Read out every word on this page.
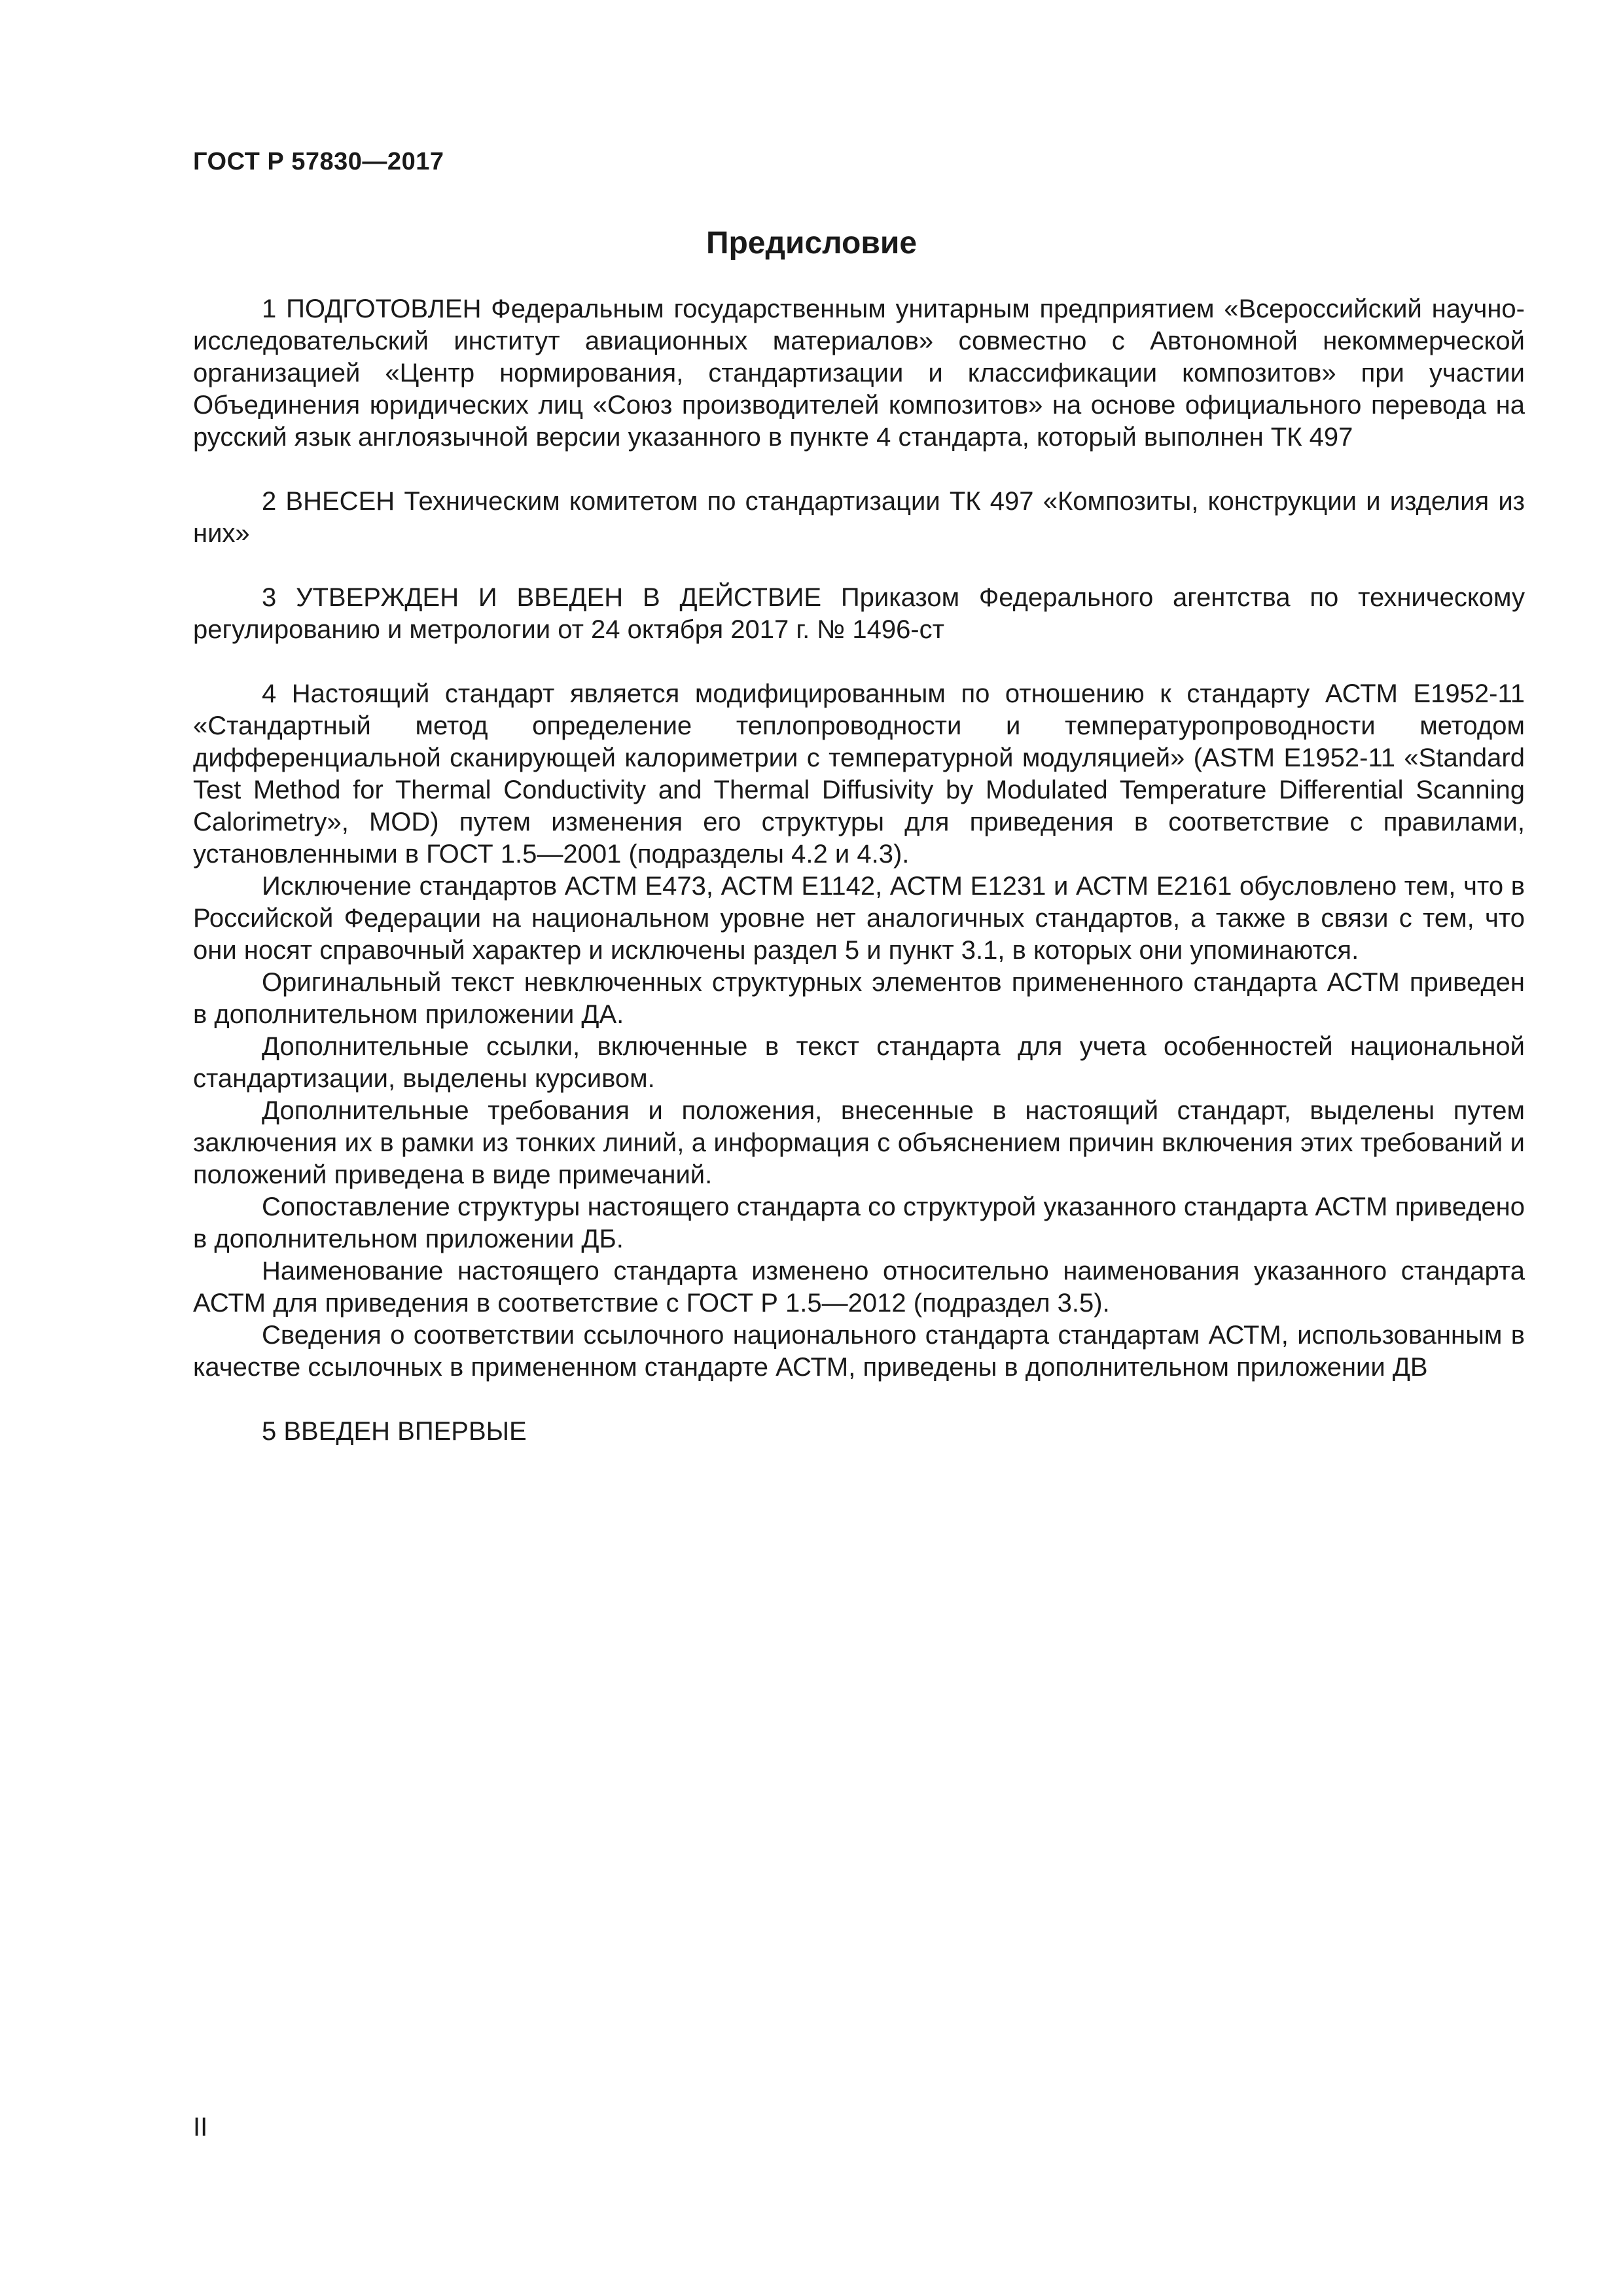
ГОСТ Р 57830—2017
Предисловие

1 ПОДГОТОВЛЕН Федеральным государственным унитарным предприятием «Всероссийский научно-исследовательский институт авиационных материалов» совместно с Автономной некоммерческой организацией «Центр нормирования, стандартизации и классификации композитов» при участии Объединения юридических лиц «Союз производителей композитов» на основе официального перевода на русский язык англоязычной версии указанного в пункте 4 стандарта, который выполнен ТК 497

2 ВНЕСЕН Техническим комитетом по стандартизации ТК 497 «Композиты, конструкции и изделия из них»

3 УТВЕРЖДЕН И ВВЕДЕН В ДЕЙСТВИЕ Приказом Федерального агентства по техническому регулированию и метрологии от 24 октября 2017 г. № 1496-ст

4 Настоящий стандарт является модифицированным по отношению к стандарту АСТМ Е1952-11 «Стандартный метод определение теплопроводности и температуропроводности методом дифференциальной сканирующей калориметрии с температурной модуляцией» (ASTM E1952-11 «Standard Test Method for Thermal Conductivity and Thermal Diffusivity by Modulated Temperature Differential Scanning Calorimetry», MOD) путем изменения его структуры для приведения в соответствие с правилами, установленными в ГОСТ 1.5—2001 (подразделы 4.2 и 4.3).

Исключение стандартов АСТМ Е473, АСТМ Е1142, АСТМ Е1231 и АСТМ Е2161 обусловлено тем, что в Российской Федерации на национальном уровне нет аналогичных стандартов, а также в связи с тем, что они носят справочный характер и исключены раздел 5 и пункт 3.1, в которых они упоминаются.

Оригинальный текст невключенных структурных элементов примененного стандарта АСТМ приведен в дополнительном приложении ДА.

Дополнительные ссылки, включенные в текст стандарта для учета особенностей национальной стандартизации, выделены курсивом.

Дополнительные требования и положения, внесенные в настоящий стандарт, выделены путем заключения их в рамки из тонких линий, а информация с объяснением причин включения этих требований и положений приведена в виде примечаний.

Сопоставление структуры настоящего стандарта со структурой указанного стандарта АСТМ приведено в дополнительном приложении ДБ.

Наименование настоящего стандарта изменено относительно наименования указанного стандарта АСТМ для приведения в соответствие с ГОСТ Р 1.5—2012 (подраздел 3.5).

Сведения о соответствии ссылочного национального стандарта стандартам АСТМ, использованным в качестве ссылочных в примененном стандарте АСТМ, приведены в дополнительном приложении ДВ

5 ВВЕДЕН ВПЕРВЫЕ

II
